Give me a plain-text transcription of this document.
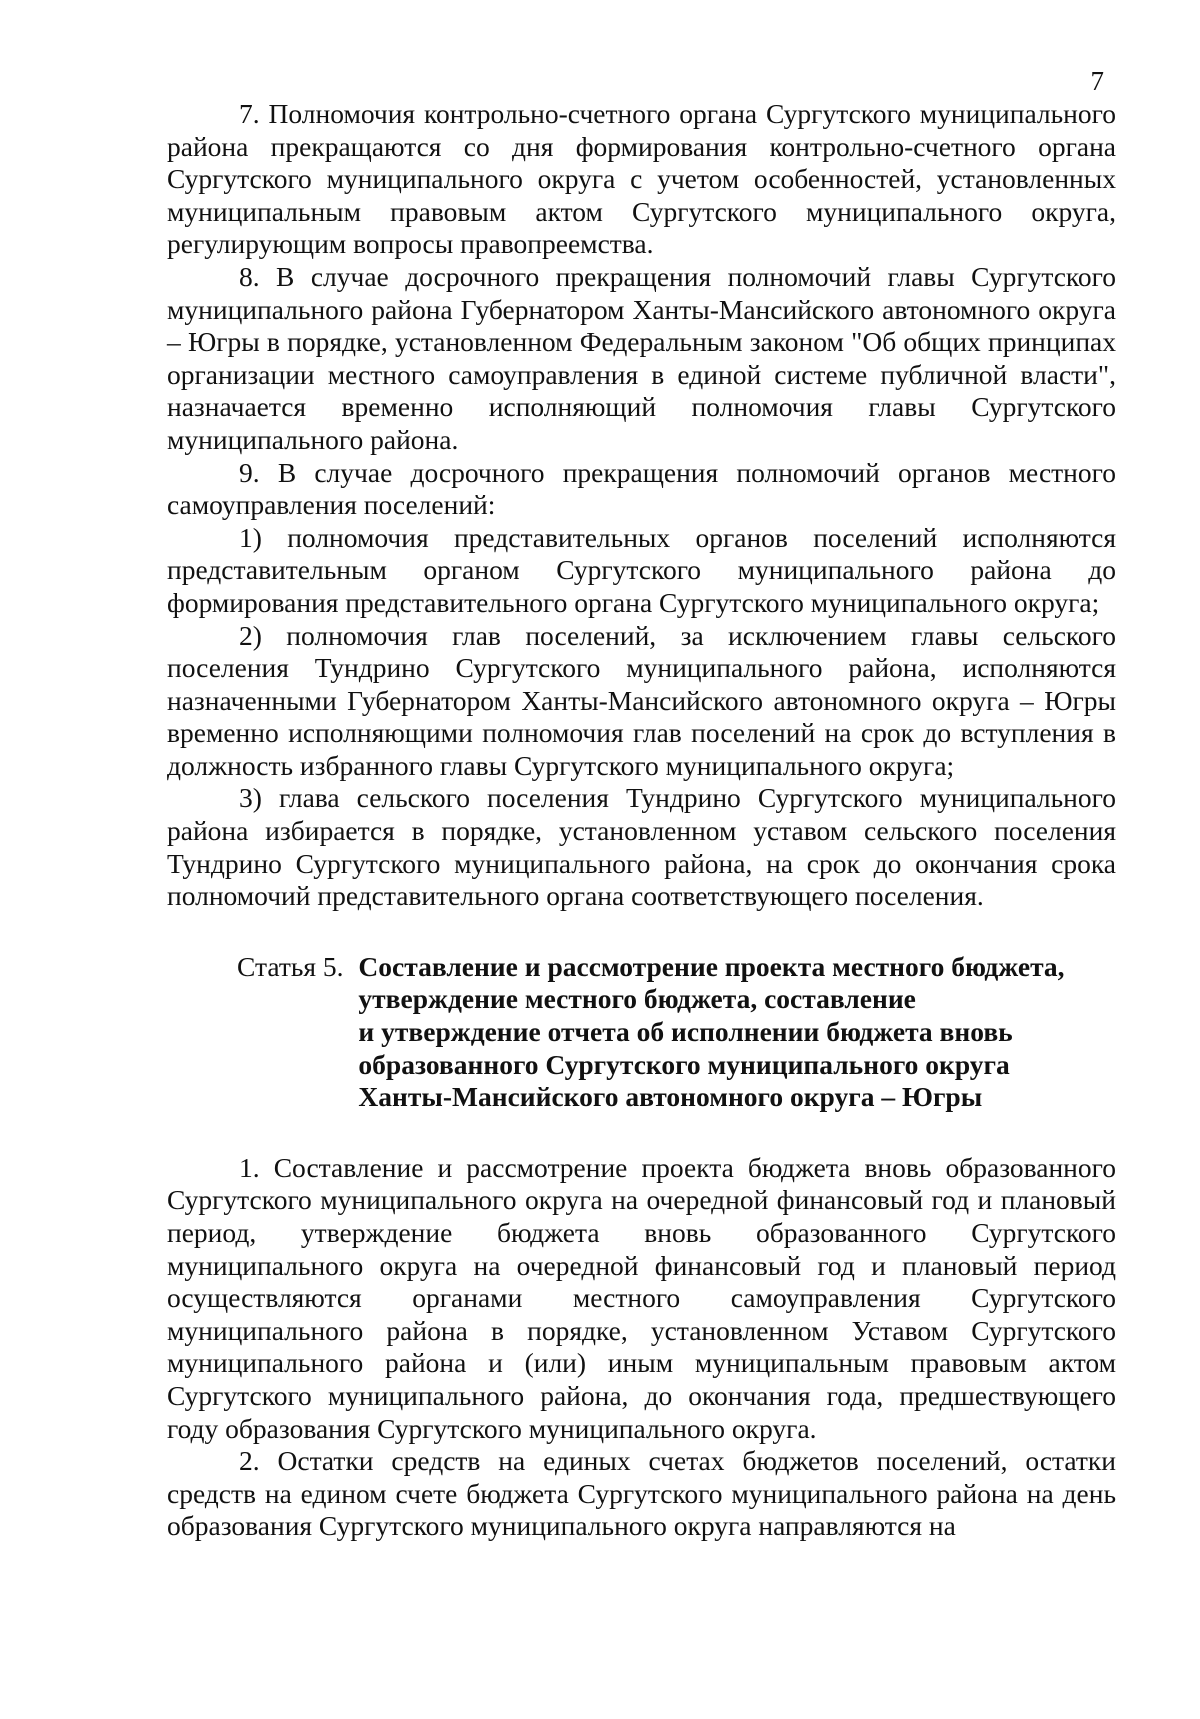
7

7. Полномочия контрольно-счетного органа Сургутского муниципального района прекращаются со дня формирования контрольно-счетного органа Сургутского муниципального округа с учетом особенностей, установленных муниципальным правовым актом Сургутского муниципального округа, регулирующим вопросы правопреемства.

8. В случае досрочного прекращения полномочий главы Сургутского муниципального района Губернатором Ханты-Мансийского автономного округа – Югры в порядке, установленном Федеральным законом "Об общих принципах организации местного самоуправления в единой системе публичной власти", назначается временно исполняющий полномочия главы Сургутского муниципального района.

9. В случае досрочного прекращения полномочий органов местного самоуправления поселений:

1) полномочия представительных органов поселений исполняются представительным органом Сургутского муниципального района до формирования представительного органа Сургутского муниципального округа;

2) полномочия глав поселений, за исключением главы сельского поселения Тундрино Сургутского муниципального района, исполняются назначенными Губернатором Ханты-Мансийского автономного округа – Югры временно исполняющими полномочия глав поселений на срок до вступления в должность избранного главы Сургутского муниципального округа;

3) глава сельского поселения Тундрино Сургутского муниципального района избирается в порядке, установленном уставом сельского поселения Тундрино Сургутского муниципального района, на срок до окончания срока полномочий представительного органа соответствующего поселения.

Статья 5. Составление и рассмотрение проекта местного бюджета,
утверждение местного бюджета, составление
и утверждение отчета об исполнении бюджета вновь
образованного Сургутского муниципального округа
Ханты-Мансийского автономного округа – Югры

1. Составление и рассмотрение проекта бюджета вновь образованного Сургутского муниципального округа на очередной финансовый год и плановый период, утверждение бюджета вновь образованного Сургутского муниципального округа на очередной финансовый год и плановый период осуществляются органами местного самоуправления Сургутского муниципального района в порядке, установленном Уставом Сургутского муниципального района и (или) иным муниципальным правовым актом Сургутского муниципального района, до окончания года, предшествующего году образования Сургутского муниципального округа.

2. Остатки средств на единых счетах бюджетов поселений, остатки средств на едином счете бюджета Сургутского муниципального района на день образования Сургутского муниципального округа направляются на
